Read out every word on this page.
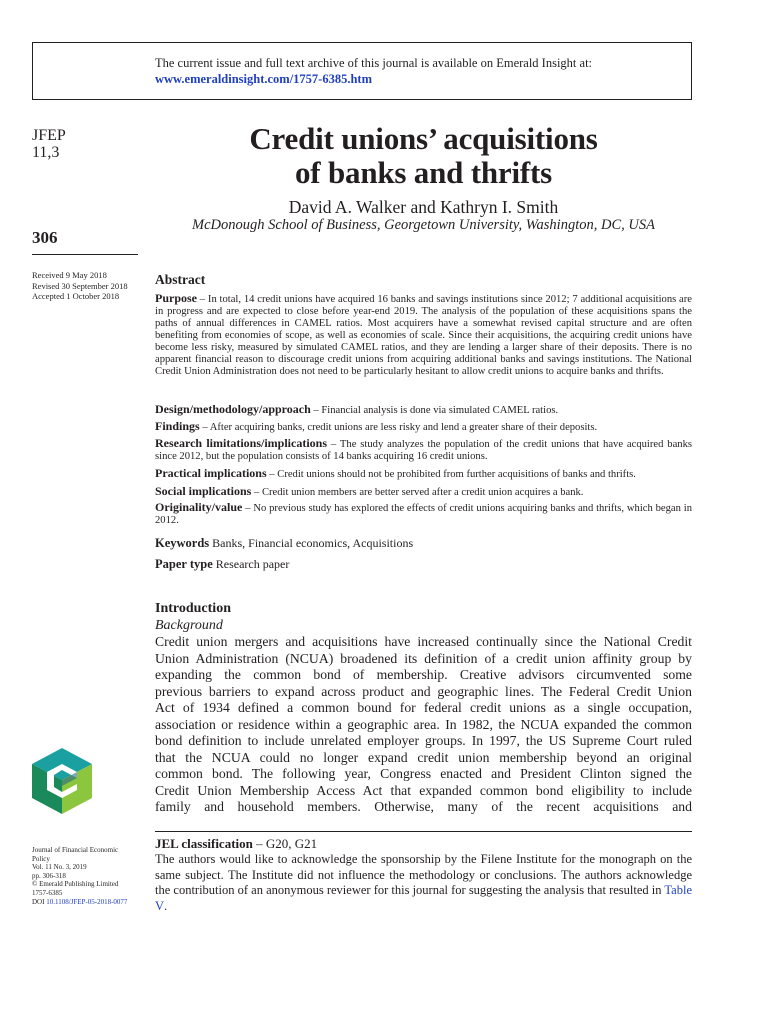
The current issue and full text archive of this journal is available on Emerald Insight at:
www.emeraldinsight.com/1757-6385.htm
JFEP
11,3
306
Received 9 May 2018
Revised 30 September 2018
Accepted 1 October 2018
Credit unions’ acquisitions
of banks and thrifts
David A. Walker and Kathryn I. Smith
McDonough School of Business, Georgetown University, Washington, DC, USA
Abstract
Purpose – In total, 14 credit unions have acquired 16 banks and savings institutions since 2012; 7 additional acquisitions are in progress and are expected to close before year-end 2019. The analysis of the population of these acquisitions spans the paths of annual differences in CAMEL ratios. Most acquirers have a somewhat revised capital structure and are often benefiting from economies of scope, as well as economies of scale. Since their acquisitions, the acquiring credit unions have become less risky, measured by simulated CAMEL ratios, and they are lending a larger share of their deposits. There is no apparent financial reason to discourage credit unions from acquiring additional banks and savings institutions. The National Credit Union Administration does not need to be particularly hesitant to allow credit unions to acquire banks and thrifts.
Design/methodology/approach – Financial analysis is done via simulated CAMEL ratios.
Findings – After acquiring banks, credit unions are less risky and lend a greater share of their deposits.
Research limitations/implications – The study analyzes the population of the credit unions that have acquired banks since 2012, but the population consists of 14 banks acquiring 16 credit unions.
Practical implications – Credit unions should not be prohibited from further acquisitions of banks and thrifts.
Social implications – Credit union members are better served after a credit union acquires a bank.
Originality/value – No previous study has explored the effects of credit unions acquiring banks and thrifts, which began in 2012.
Keywords Banks, Financial economics, Acquisitions
Paper type Research paper
Introduction
Background
Credit union mergers and acquisitions have increased continually since the National Credit
Union Administration (NCUA) broadened its definition of a credit union affinity group by
expanding the common bond of membership. Creative advisors circumvented some
previous barriers to expand across product and geographic lines. The Federal Credit Union
Act of 1934 defined a common bound for federal credit unions as a single occupation,
association or residence within a geographic area. In 1982, the NCUA expanded the common
bond definition to include unrelated employer groups. In 1997, the US Supreme Court ruled
that the NCUA could no longer expand credit union membership beyond an original
common bond. The following year, Congress enacted and President Clinton signed the
Credit Union Membership Access Act that expanded common bond eligibility to include
family and household members. Otherwise, many of the recent acquisitions and
JEL classification – G20, G21
The authors would like to acknowledge the sponsorship by the Filene Institute for the monograph on the same subject. The Institute did not influence the methodology or conclusions. The authors acknowledge the contribution of an anonymous reviewer for this journal for suggesting the analysis that resulted in Table V.
Journal of Financial Economic
Policy
Vol. 11 No. 3, 2019
pp. 306-318
© Emerald Publishing Limited
1757-6385
DOI 10.1108/JFEP-05-2018-0077
